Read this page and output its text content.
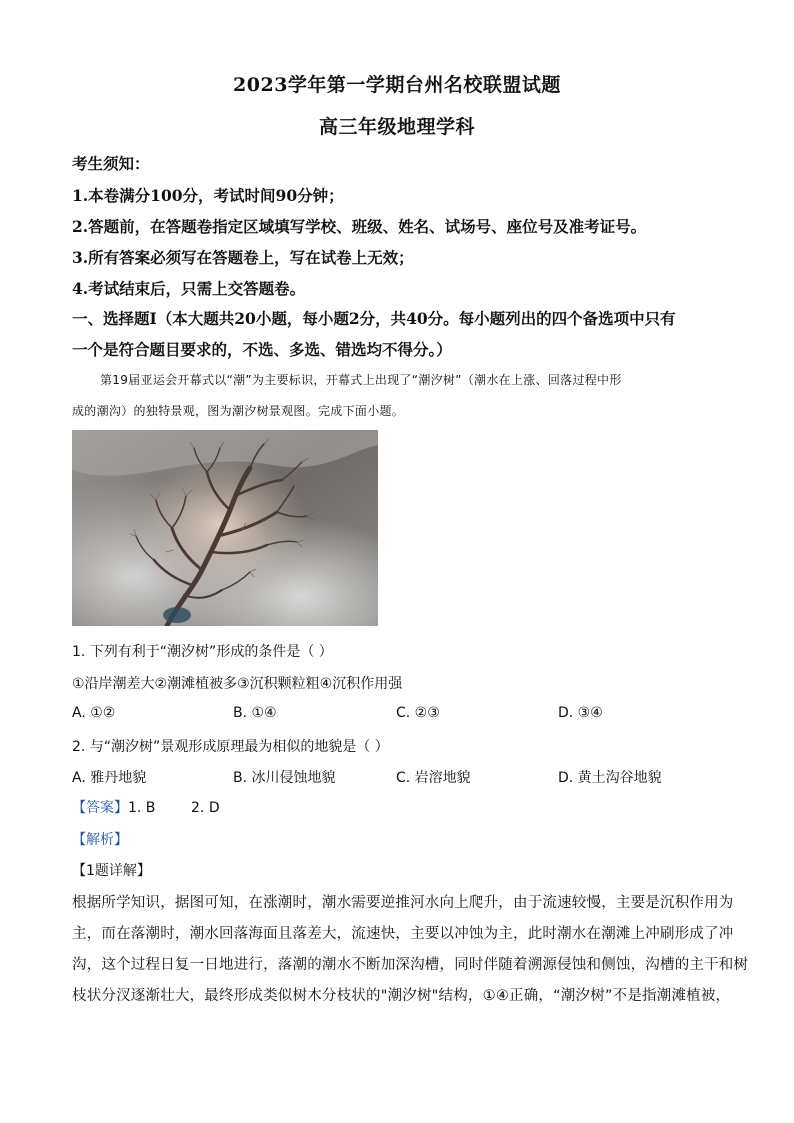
2023学年第一学期台州名校联盟试题
高三年级地理学科
考生须知：
1.本卷满分100分，考试时间90分钟；
2.答题前，在答题卷指定区域填写学校、班级、姓名、试场号、座位号及准考证号。
3.所有答案必须写在答题卷上，写在试卷上无效；
4.考试结束后，只需上交答题卷。
一、选择题Ⅰ（本大题共20小题，每小题2分，共40分。每小题列出的四个备选项中只有
一个是符合题目要求的，不选、多选、错选均不得分。）
第19届亚运会开幕式以“潮”为主要标识，开幕式上出现了“潮汐树”（潮水在上涨、回落过程中形
成的潮沟）的独特景观，图为潮汐树景观图。完成下面小题。
1. 下列有利于“潮汐树”形成的条件是（ ）
①沿岸潮差大②潮滩植被多③沉积颗粒粗④沉积作用强
A. ①②	B. ①④	C. ②③	D. ③④
2. 与“潮汐树”景观形成原理最为相似的地貌是（ ）
A. 雅丹地貌	B. 冰川侵蚀地貌	C. 岩溶地貌	D. 黄土沟谷地貌
【答案】1. B        2. D
【解析】
【1题详解】
根据所学知识，据图可知，在涨潮时，潮水需要逆推河水向上爬升，由于流速较慢，主要是沉积作用为
主，而在落潮时，潮水回落海面且落差大，流速快，主要以冲蚀为主，此时潮水在潮滩上冲刷形成了冲
沟，这个过程日复一日地进行，落潮的潮水不断加深沟槽，同时伴随着溯源侵蚀和侧蚀，沟槽的主干和树
枝状分汊逐渐壮大，最终形成类似树木分枝状的"潮汐树"结构，①④正确，“潮汐树”不是指潮滩植被，
